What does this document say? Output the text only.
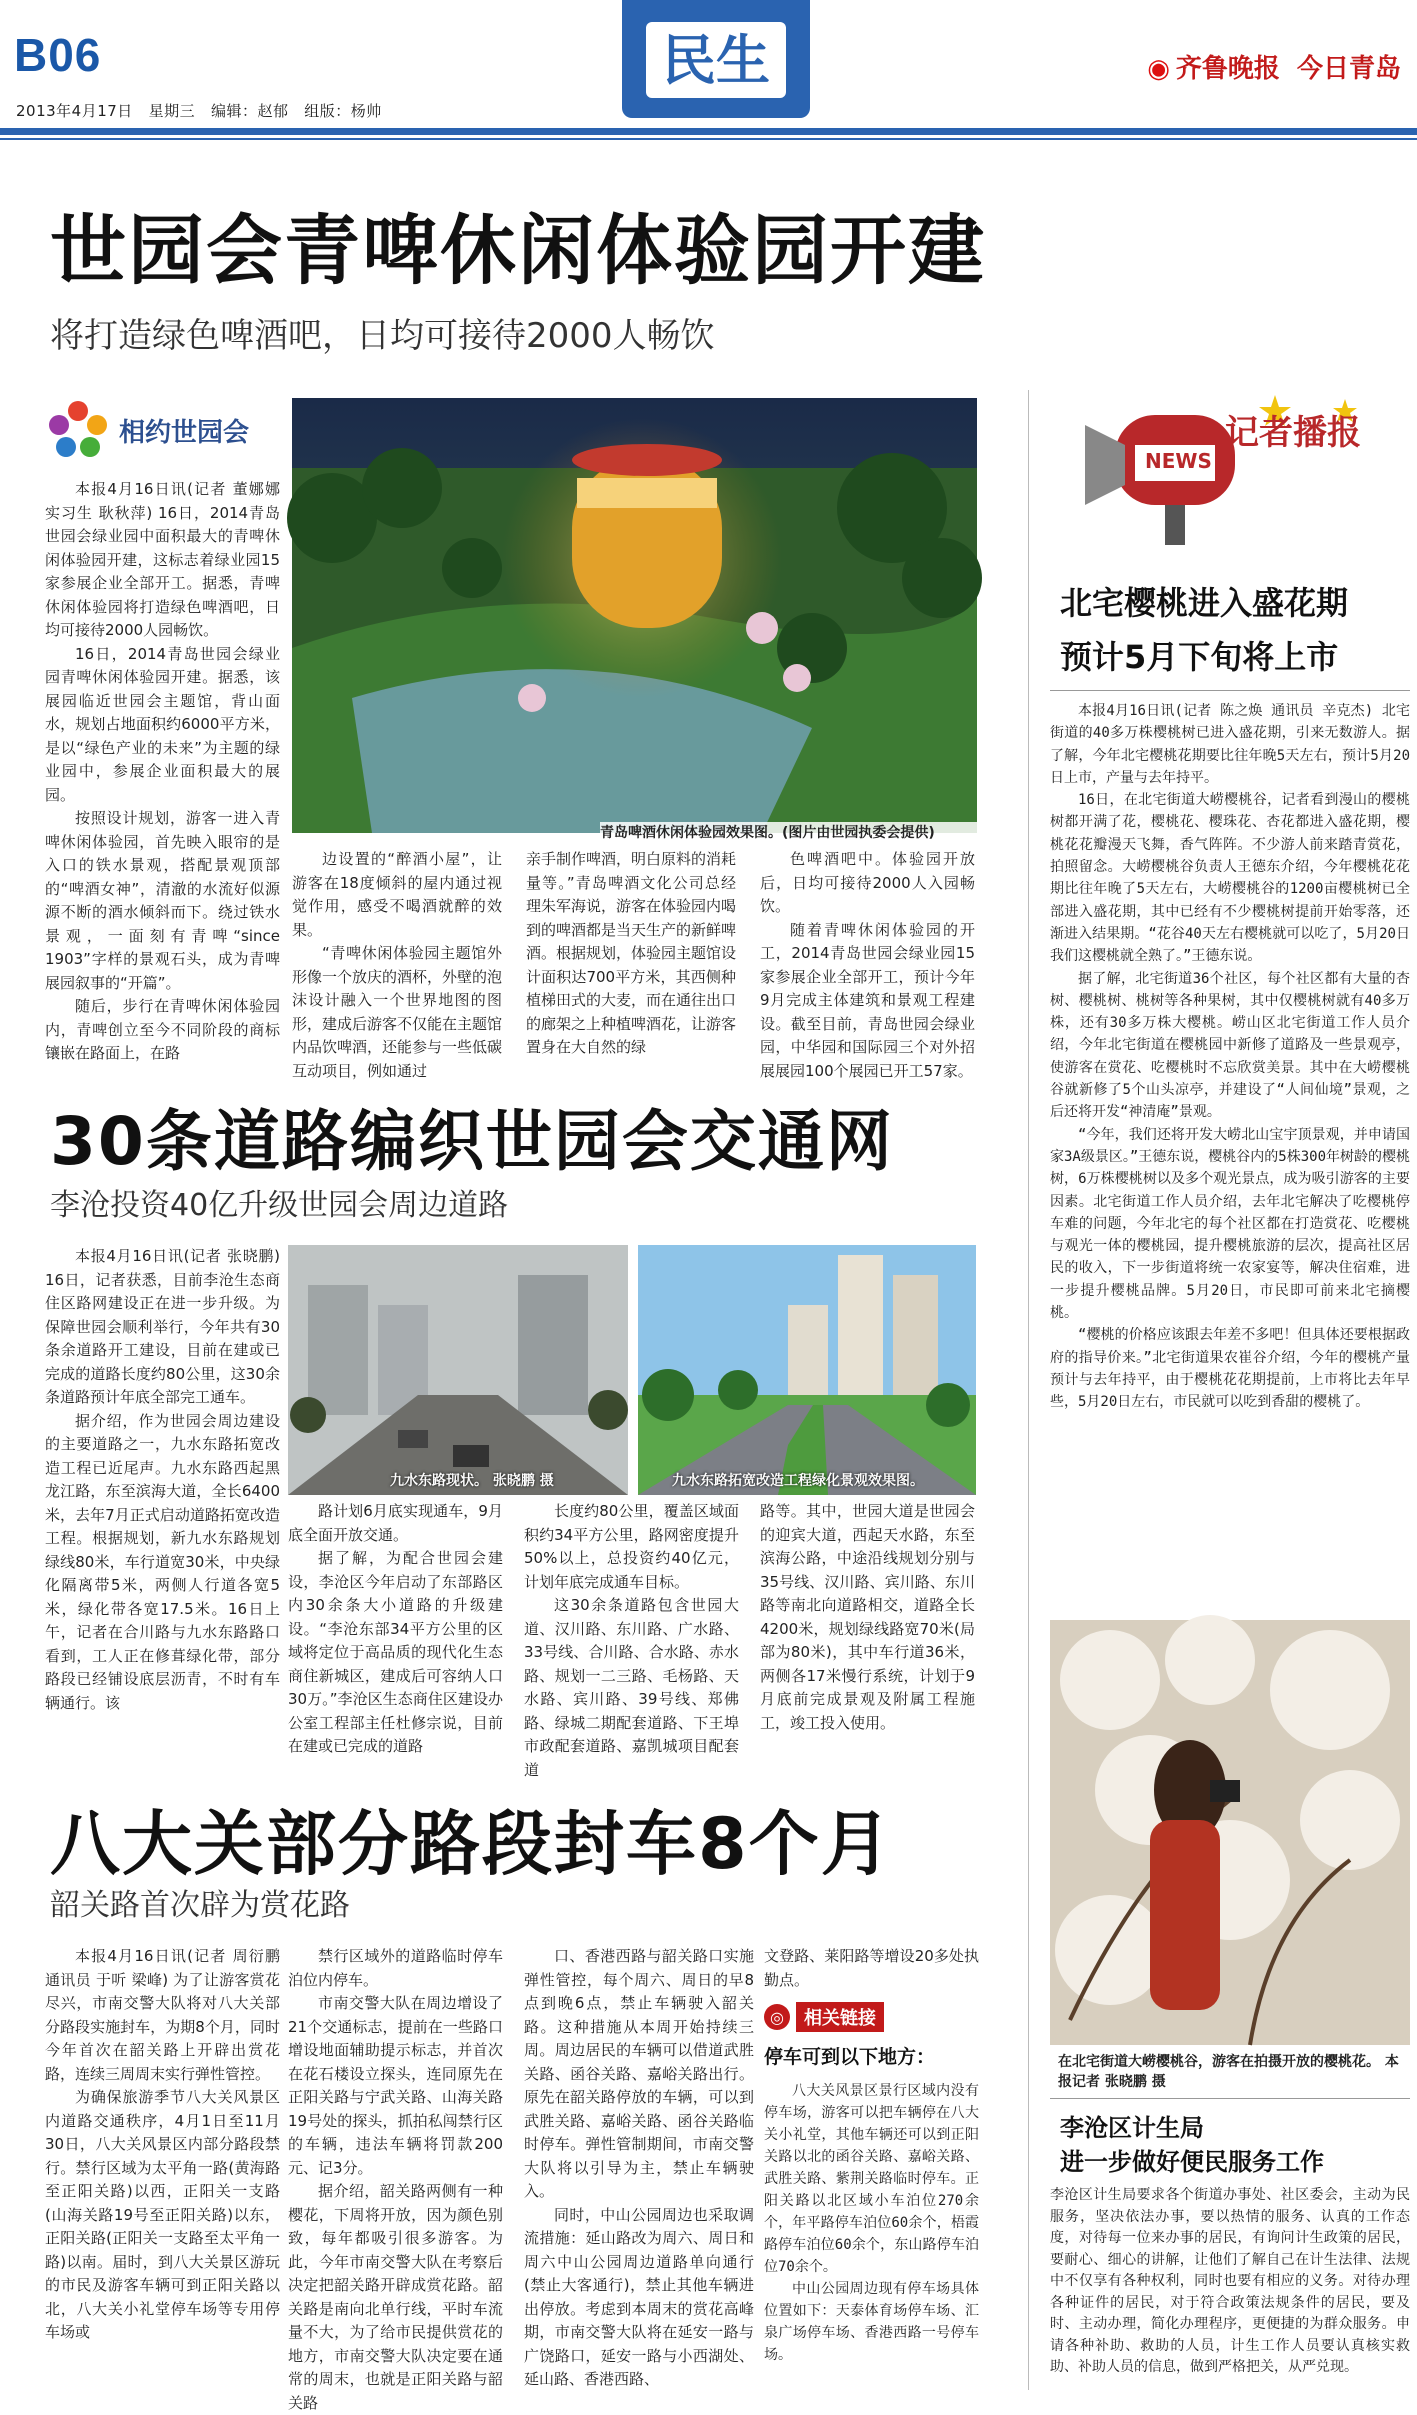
B06	民生	◉ 齐鲁晚报 今日青岛
2013年4月17日 星期三 编辑：赵郁 组版：杨帅
世园会青啤休闲体验园开建
将打造绿色啤酒吧，日均可接待2000人畅饮
相约世园会

本报4月16日讯(记者 董娜娜 实习生 耿秋萍) 16日，2014青岛世园会绿业园中面积最大的青啤休闲体验园开建，这标志着绿业园15家参展企业全部开工。据悉，青啤休闲体验园将打造绿色啤酒吧，日均可接待2000人园畅饮。

16日，2014青岛世园会绿业园青啤休闲体验园开建。据悉，该展园临近世园会主题馆，背山面水，规划占地面积约6000平方米，是以“绿色产业的未来”为主题的绿业园中，参展企业面积最大的展园。

按照设计规划，游客一进入青啤休闲体验园，首先映入眼帘的是入口的铁水景观，搭配景观顶部的“啤酒女神”，清澈的水流好似源源不断的酒水倾斜而下。绕过铁水景观，一面刻有青啤“since 1903”字样的景观石头，成为青啤展园叙事的“开篇”。

随后，步行在青啤休闲体验园内，青啤创立至今不同阶段的商标镶嵌在路面上，在路

青岛啤酒休闲体验园效果图。(图片由世园执委会提供)

边设置的“醉酒小屋”，让游客在18度倾斜的屋内通过视觉作用，感受不喝酒就醉的效果。

“青啤休闲体验园主题馆外形像一个放庆的酒杯，外壁的泡沫设计融入一个世界地图的图形，建成后游客不仅能在主题馆内品饮啤酒，还能参与一些低碳互动项目，例如通过

亲手制作啤酒，明白原料的消耗量等。”青岛啤酒文化公司总经理朱军海说，游客在体验园内喝到的啤酒都是当天生产的新鲜啤酒。根据规划，体验园主题馆设计面积达700平方米，其西侧种植梯田式的大麦，而在通往出口的廊架之上种植啤酒花，让游客置身在大自然的绿

色啤酒吧中。体验园开放后，日均可接待2000人入园畅饮。

随着青啤休闲体验园的开工，2014青岛世园会绿业园15家参展企业全部开工，预计今年9月完成主体建筑和景观工程建设。截至目前，青岛世园会绿业园，中华园和国际园三个对外招展展园100个展园已开工57家。

30条道路编织世园会交通网
李沧投资40亿升级世园会周边道路

本报4月16日讯(记者 张晓鹏) 16日，记者获悉，目前李沧生态商住区路网建设正在进一步升级。为保障世园会顺利举行，今年共有30条余道路开工建设，目前在建或已完成的道路长度约80公里，这30余条道路预计年底全部完工通车。

据介绍，作为世园会周边建设的主要道路之一，九水东路拓宽改造工程已近尾声。九水东路西起黑龙江路，东至滨海大道，全长6400米，去年7月正式启动道路拓宽改造工程。根据规划，新九水东路规划绿线80米，车行道宽30米，中央绿化隔离带5米，两侧人行道各宽5米，绿化带各宽17.5米。16日上午，记者在合川路与九水东路路口看到，工人正在修葺绿化带，部分路段已经铺设底层沥青，不时有车辆通行。该

九水东路现状。 张晓鹏 摄	九水东路拓宽改造工程绿化景观效果图。

路计划6月底实现通车，9月底全面开放交通。

据了解，为配合世园会建设，李沧区今年启动了东部路区内30余条大小道路的升级建设。“李沧东部34平方公里的区域将定位于高品质的现代化生态商住新城区，建成后可容纳人口30万。”李沧区生态商住区建设办公室工程部主任杜修宗说，目前在建或已完成的道路

长度约80公里，覆盖区域面积约34平方公里，路网密度提升50%以上，总投资约40亿元，计划年底完成通车目标。

这30余条道路包含世园大道、汉川路、东川路、广水路、33号线、合川路、合水路、赤水路、规划一二三路、毛杨路、天水路、宾川路、39号线、郑佛路、绿城二期配套道路、下王埠市政配套道路、嘉凯城项目配套道

路等。其中，世园大道是世园会的迎宾大道，西起天水路，东至滨海公路，中途沿线规划分别与35号线、汉川路、宾川路、东川路等南北向道路相交，道路全长4200米，规划绿线路宽70米(局部为80米)，其中车行道36米，两侧各17米慢行系统，计划于9月底前完成景观及附属工程施工，竣工投入使用。
八大关部分路段封车8个月
韶关路首次辟为赏花路

本报4月16日讯(记者 周衍鹏 通讯员 于听 梁峰) 为了让游客赏花尽兴，市南交警大队将对八大关部分路段实施封车，为期8个月，同时今年首次在韶关路上开辟出赏花路，连续三周周末实行弹性管控。

为确保旅游季节八大关风景区内道路交通秩序，4月1日至11月30日，八大关风景区内部分路段禁行。禁行区域为太平角一路(黄海路至正阳关路)以西，正阳关一支路(山海关路19号至正阳关路)以东，正阳关路(正阳关一支路至太平角一路)以南。届时，到八大关景区游玩的市民及游客车辆可到正阳关路以北，八大关小礼堂停车场等专用停车场或

禁行区域外的道路临时停车泊位内停车。

市南交警大队在周边增设了21个交通标志，提前在一些路口增设地面辅助提示标志，并首次在花石楼设立探头，连同原先在正阳关路与宁武关路、山海关路19号处的探头，抓拍私闯禁行区的车辆，违法车辆将罚款200元、记3分。

据介绍，韶关路两侧有一种樱花，下周将开放，因为颜色别致，每年都吸引很多游客。为此，今年市南交警大队在考察后决定把韶关路开辟成赏花路。韶关路是南向北单行线，平时车流量不大，为了给市民提供赏花的地方，市南交警大队决定要在通常的周末，也就是正阳关路与韶关路

口、香港西路与韶关路口实施弹性管控，每个周六、周日的早8点到晚6点，禁止车辆驶入韶关路。这种措施从本周开始持续三周。周边居民的车辆可以借道武胜关路、函谷关路、嘉峪关路出行。原先在韶关路停放的车辆，可以到武胜关路、嘉峪关路、函谷关路临时停车。弹性管制期间，市南交警大队将以引导为主，禁止车辆驶入。

同时，中山公园周边也采取调流措施：延山路改为周六、周日和周六中山公园周边道路单向通行(禁止大客通行)，禁止其他车辆进出停放。考虑到本周末的赏花高峰期，市南交警大队将在延安一路与广饶路口，延安一路与小西湖处、延山路、香港西路、

文登路、莱阳路等增设20多处执勤点。
◎	相关链接
停车可到以下地方：

八大关风景区景行区域内没有停车场，游客可以把车辆停在八大关小礼堂，其他车辆还可以到正阳关路以北的函谷关路、嘉峪关路、武胜关路、紫荆关路临时停车。正阳关路以北区域小车泊位270余个，年平路停车泊位60余个，梧霞路停车泊位60余个，东山路停车泊位70余个。

中山公园周边现有停车场具体位置如下：天泰体育场停车场、汇泉广场停车场、香港西路一号停车场。

NEWS
记者播报
北宅樱桃进入盛花期
预计5月下旬将上市

本报4月16日讯(记者 陈之焕 通讯员 辛克杰) 北宅街道的40多万株樱桃树已进入盛花期，引来无数游人。据了解，今年北宅樱桃花期要比往年晚5天左右，预计5月20日上市，产量与去年持平。

16日，在北宅街道大崂樱桃谷，记者看到漫山的樱桃树都开满了花，樱桃花、樱珠花、杏花都进入盛花期，樱桃花花瓣漫天飞舞，香气阵阵。不少游人前来踏青赏花，拍照留念。大崂樱桃谷负责人王德东介绍，今年樱桃花花期比往年晚了5天左右，大崂樱桃谷的1200亩樱桃树已全部进入盛花期，其中已经有不少樱桃树提前开始零落，还渐进入结果期。“花谷40天左右樱桃就可以吃了，5月20日我们这樱桃就全熟了。”王德东说。

据了解，北宅街道36个社区，每个社区都有大量的杏树、樱桃树、桃树等各种果树，其中仅樱桃树就有40多万株，还有30多万株大樱桃。崂山区北宅街道工作人员介绍，今年北宅街道在樱桃园中新修了道路及一些景观亭，使游客在赏花、吃樱桃时不忘欣赏美景。其中在大崂樱桃谷就新修了5个山头凉亭，并建设了“人间仙境”景观，之后还将开发“神清庵”景观。

“今年，我们还将开发大崂北山宝宇顶景观，并申请国家3A级景区。”王德东说，樱桃谷内的5株300年树龄的樱桃树，6万株樱桃树以及多个观光景点，成为吸引游客的主要因素。北宅街道工作人员介绍，去年北宅解决了吃樱桃停车难的问题，今年北宅的每个社区都在打造赏花、吃樱桃与观光一体的樱桃园，提升樱桃旅游的层次，提高社区居民的收入，下一步街道将统一农家宴等，解决住宿难，进一步提升樱桃品牌。5月20日，市民即可前来北宅摘樱桃。

“樱桃的价格应该跟去年差不多吧！但具体还要根据政府的指导价来。”北宅街道果农崔谷介绍，今年的樱桃产量预计与去年持平，由于樱桃花花期提前，上市将比去年早些，5月20日左右，市民就可以吃到香甜的樱桃了。

在北宅街道大崂樱桃谷，游客在拍摄开放的樱桃花。 本报记者 张晓鹏 摄
李沧区计生局
进一步做好便民服务工作
李沧区计生局要求各个街道办事处、社区委会，主动为民服务，坚决依法办事，要以热情的服务、认真的工作态度，对待每一位来办事的居民，有询问计生政策的居民，要耐心、细心的讲解，让他们了解自己在计生法律、法规中不仅享有各种权利，同时也要有相应的义务。对待办理各种证件的居民，对于符合政策法规条件的居民，要及时、主动办理，简化办理程序，更便捷的为群众服务。申请各种补助、救助的人员，计生工作人员要认真核实救助、补助人员的信息，做到严格把关，从严兑现。
